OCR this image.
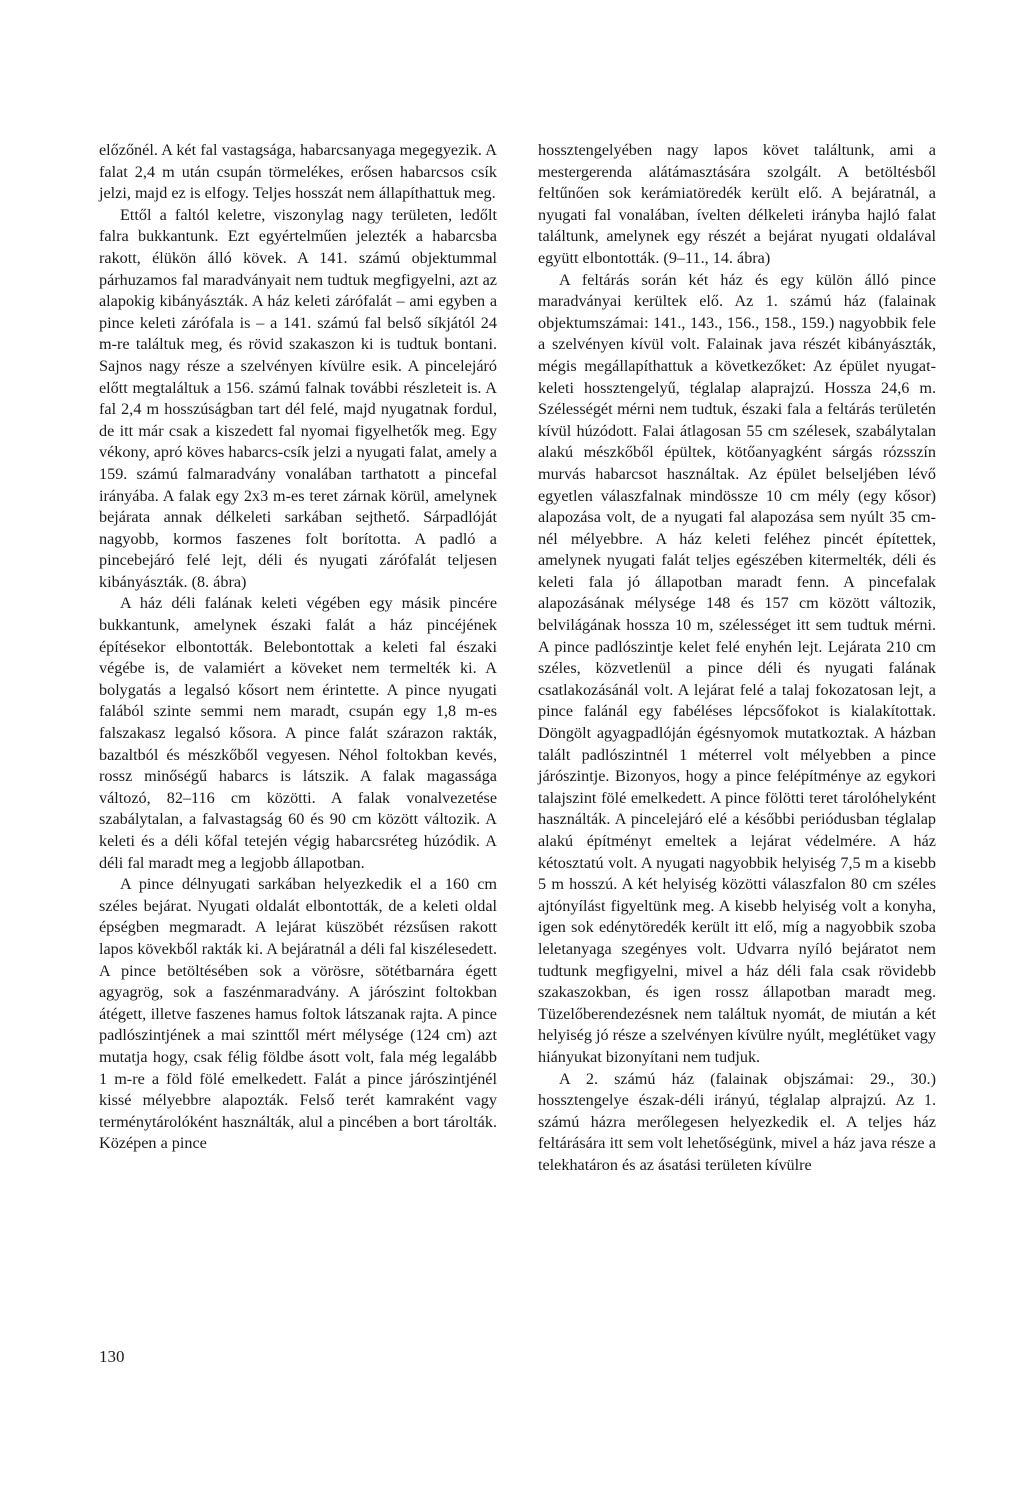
előzőnél. A két fal vastagsága, habarcsanyaga megegyezik. A falat 2,4 m után csupán törmelékes, erősen habarcsos csík jelzi, majd ez is elfogy. Teljes hosszát nem állapíthattuk meg.

Ettől a faltól keletre, viszonylag nagy területen, ledőlt falra bukkantunk. Ezt egyértelműen jelezték a habarcsba rakott, élükön álló kövek. A 141. számú objektummal párhuzamos fal maradványait nem tudtuk megfigyelni, azt az alapokig kibányászták. A ház keleti zárófalát – ami egyben a pince keleti zárófala is – a 141. számú fal belső síkjától 24 m-re találtuk meg, és rövid szakaszon ki is tudtuk bontani. Sajnos nagy része a szelvényen kívülre esik. A pincelejáró előtt megtaláltuk a 156. számú falnak további részleteit is. A fal 2,4 m hosszúságban tart dél felé, majd nyugatnak fordul, de itt már csak a kiszedett fal nyomai figyelhetők meg. Egy vékony, apró köves habarcs-csík jelzi a nyugati falat, amely a 159. számú falmaradvány vonalában tarthatott a pincefal irányába. A falak egy 2x3 m-es teret zárnak körül, amelynek bejárata annak délkeleti sarkában sejthető. Sárpadlóját nagyobb, kormos faszenes folt borította. A padló a pincebejáró felé lejt, déli és nyugati zárófalát teljesen kibányászták. (8. ábra)

A ház déli falának keleti végében egy másik pincére bukkantunk, amelynek északi falát a ház pincéjének építésekor elbontották. Belebontottak a keleti fal északi végébe is, de valamiért a köveket nem termelték ki. A bolygatás a legalsó kősort nem érintette. A pince nyugati falából szinte semmi nem maradt, csupán egy 1,8 m-es falszakasz legalsó kősora. A pince falát szárazon rakták, bazaltból és mészkőből vegyesen. Néhol foltokban kevés, rossz minőségű habarcs is látszik. A falak magassága változó, 82–116 cm közötti. A falak vonalvezetése szabálytalan, a falvastagság 60 és 90 cm között változik. A keleti és a déli kőfal tetején végig habarcsréteg húzódik. A déli fal maradt meg a legjobb állapotban.

A pince délnyugati sarkában helyezkedik el a 160 cm széles bejárat. Nyugati oldalát elbontották, de a keleti oldal épségben megmaradt. A lejárat küszöbét rézsűsen rakott lapos kövekből rakták ki. A bejáratnál a déli fal kiszélesedett. A pince betöltésében sok a vörösre, sötétbarnára égett agyagrög, sok a faszénmaradvány. A járószint foltokban átégett, illetve faszenes hamus foltok látszanak rajta. A pince padlószintjének a mai szinttől mért mélysége (124 cm) azt mutatja hogy, csak félig földbe ásott volt, fala még legalább 1 m-re a föld fölé emelkedett. Falát a pince járószintjénél kissé mélyebbre alapozták. Felső terét kamraként vagy terménytárolóként használták, alul a pincében a bort tárolták. Középen a pince

hossztengelyében nagy lapos követ találtunk, ami a mestergerenda alátámasztására szolgált. A betöltésből feltűnően sok kerámiatöredék került elő. A bejáratnál, a nyugati fal vonalában, ívelten délkeleti irányba hajló falat találtunk, amelynek egy részét a bejárat nyugati oldalával együtt elbontották. (9–11., 14. ábra)

A feltárás során két ház és egy külön álló pince maradványai kerültek elő. Az 1. számú ház (falainak objektumszámai: 141., 143., 156., 158., 159.) nagyobbik fele a szelvényen kívül volt. Falainak java részét kibányászták, mégis megállapíthattuk a következőket: Az épület nyugat-keleti hossztengelyű, téglalap alaprajzú. Hossza 24,6 m. Szélességét mérni nem tudtuk, északi fala a feltárás területén kívül húzódott. Falai átlagosan 55 cm szélesek, szabálytalan alakú mészkőből épültek, kötőanyagként sárgás rózsszín murvás habarcsot használtak. Az épület belseljében lévő egyetlen válaszfalnak mindössze 10 cm mély (egy kősor) alapozása volt, de a nyugati fal alapozása sem nyúlt 35 cm-nél mélyebbre. A ház keleti feléhez pincét építettek, amelynek nyugati falát teljes egészében kitermelték, déli és keleti fala jó állapotban maradt fenn. A pincefalak alapozásának mélysége 148 és 157 cm között változik, belvilágának hossza 10 m, szélességet itt sem tudtuk mérni. A pince padlószintje kelet felé enyhén lejt. Lejárata 210 cm széles, közvetlenül a pince déli és nyugati falának csatlakozásánál volt. A lejárat felé a talaj fokozatosan lejt, a pince falánál egy fabéléses lépcsőfokot is kialakítottak. Döngölt agyagpadlóján égésnyomok mutatkoztak. A házban talált padlószintnél 1 méterrel volt mélyebben a pince járószintje. Bizonyos, hogy a pince felépítménye az egykori talajszint fölé emelkedett. A pince fölötti teret tárolóhelyként használták. A pincelejáró elé a későbbi periódusban téglalap alakú építményt emeltek a lejárat védelmére. A ház kétosztatú volt. A nyugati nagyobbik helyiség 7,5 m a kisebb 5 m hosszú. A két helyiség közötti válaszfalon 80 cm széles ajtónyílást figyeltünk meg. A kisebb helyiség volt a konyha, igen sok edénytöredék került itt elő, míg a nagyobbik szoba leletanyaga szegényes volt. Udvarra nyíló bejáratot nem tudtunk megfigyelni, mivel a ház déli fala csak rövidebb szakaszokban, és igen rossz állapotban maradt meg. Tüzelőberendezésnek nem találtuk nyomát, de miután a két helyiség jó része a szelvényen kívülre nyúlt, meglétüket vagy hiányukat bizonyítani nem tudjuk.

A 2. számú ház (falainak objszámai: 29., 30.) hossztengelye észak-déli irányú, téglalap alprajzú. Az 1. számú házra merőlegesen helyezkedik el. A teljes ház feltárására itt sem volt lehetőségünk, mivel a ház java része a telekhatáron és az ásatási területen kívülre

130
